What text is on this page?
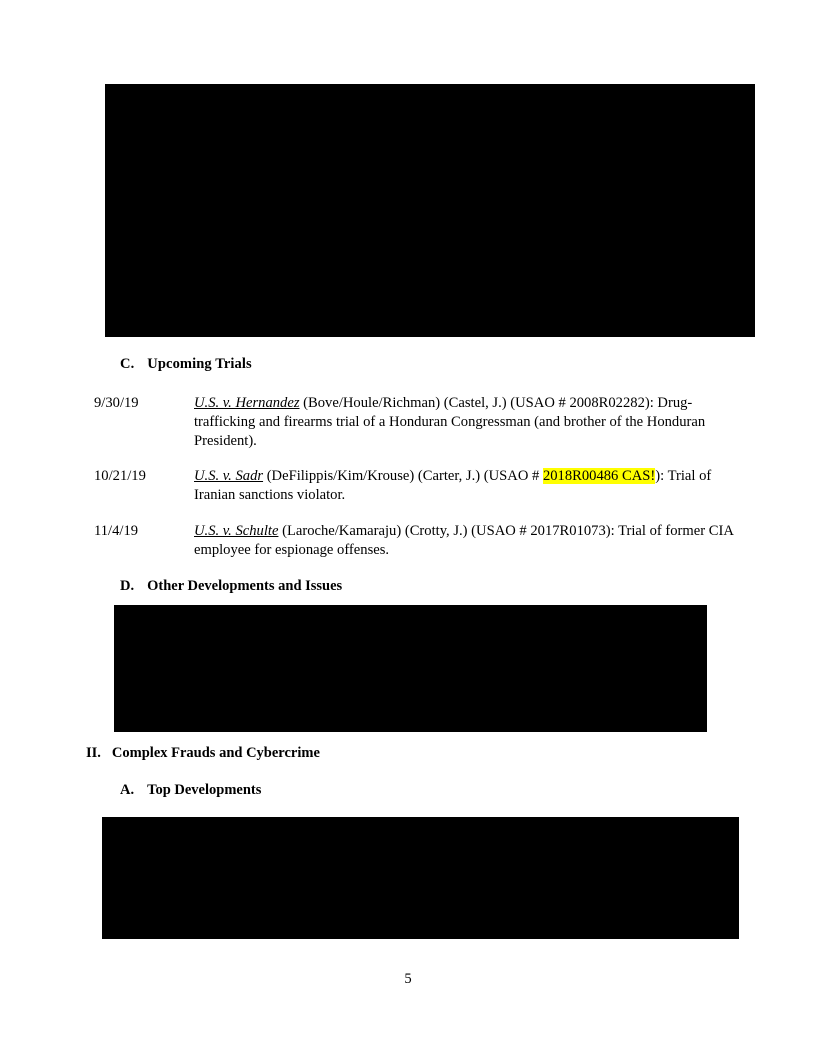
C. Upcoming Trials
9/30/19	U.S. v. Hernandez (Bove/Houle/Richman) (Castel, J.) (USAO # 2008R02282): Drug-trafficking and firearms trial of a Honduran Congressman (and brother of the Honduran President).
10/21/19	U.S. v. Sadr (DeFilippis/Kim/Krouse) (Carter, J.) (USAO # 2018R00486 CAS!): Trial of Iranian sanctions violator.
11/4/19	U.S. v. Schulte (Laroche/Kamaraju) (Crotty, J.) (USAO # 2017R01073): Trial of former CIA employee for espionage offenses.
D. Other Developments and Issues
II. Complex Frauds and Cybercrime
A. Top Developments
5
